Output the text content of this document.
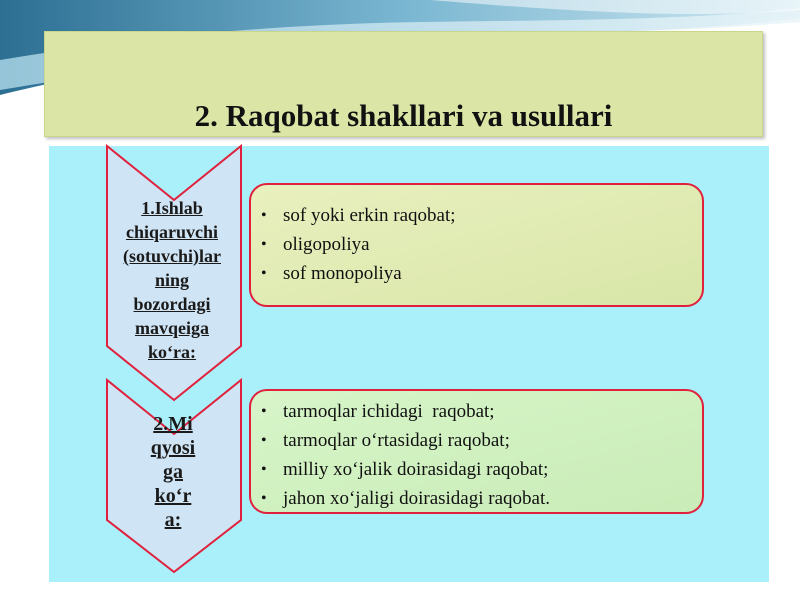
2. Raqobat shakllari va usullari
1.Ishlab
chiqaruvchi
(sotuvchi)lar
ning
bozordagi
mavqeiga
ko‘ra:
2.Mi
qyosi
ga
ko‘r
a:
• sof yoki erkin raqobat;
• oligopoliya
• sof monopoliya
• tarmoqlar ichidagi  raqobat;
• tarmoqlar o‘rtasidagi raqobat;
• milliy xo‘jalik doirasidagi raqobat;
• jahon xo‘jaligi doirasidagi raqobat.
